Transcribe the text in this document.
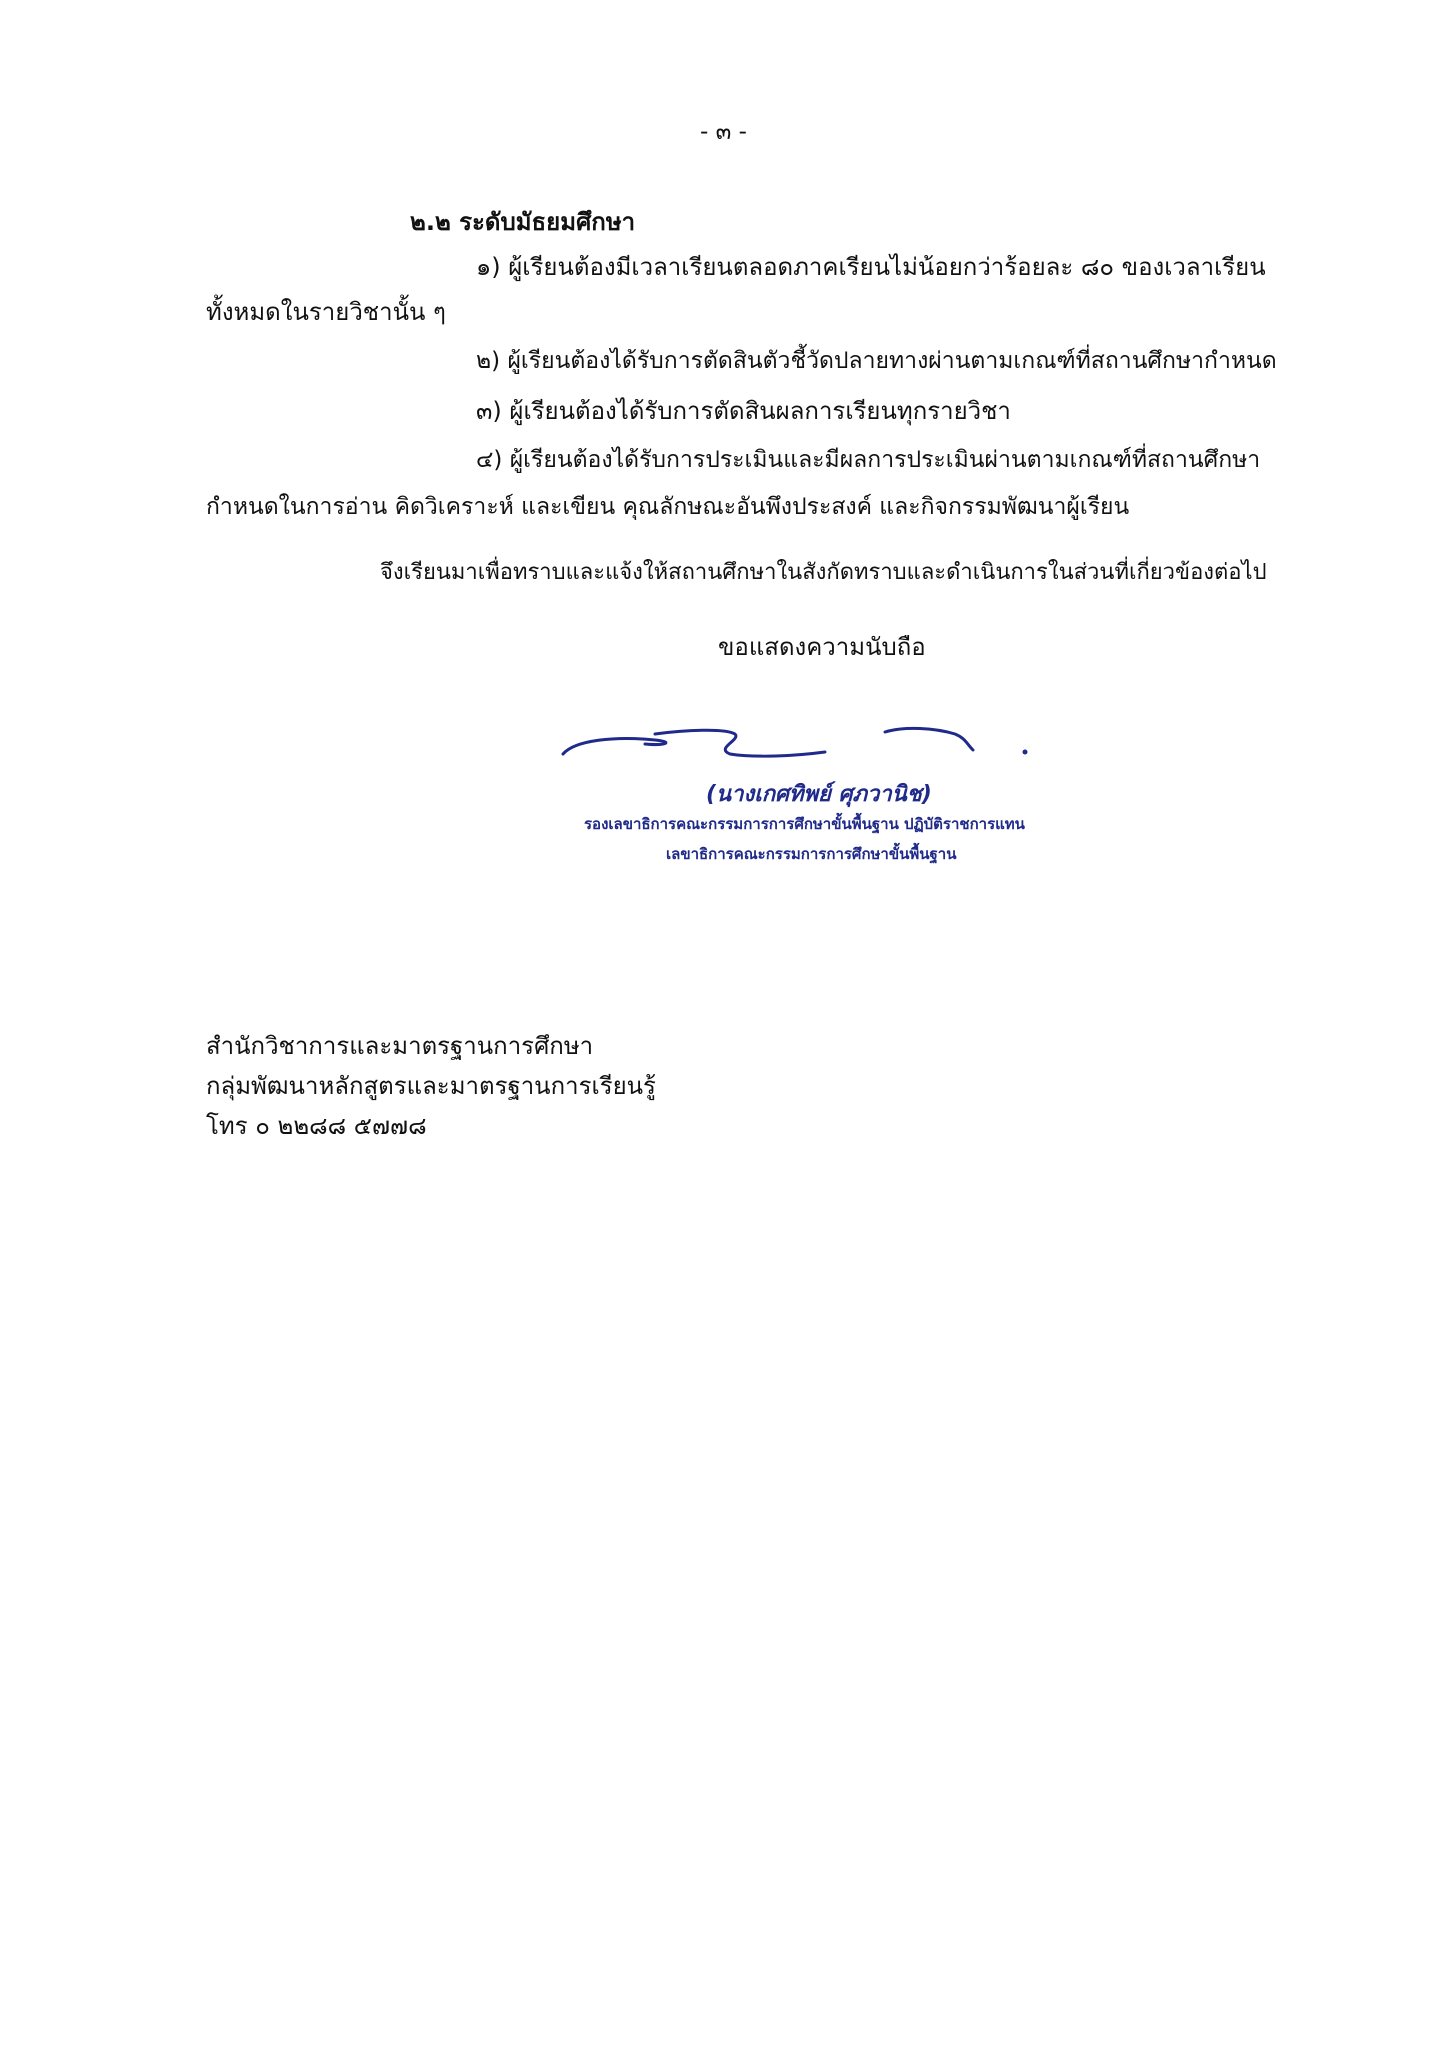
- ๓ -
๒.๒ ระดับมัธยมศึกษา
๑) ผู้เรียนต้องมีเวลาเรียนตลอดภาคเรียนไม่น้อยกว่าร้อยละ ๘๐ ของเวลาเรียน
ทั้งหมดในรายวิชานั้น ๆ
๒) ผู้เรียนต้องได้รับการตัดสินตัวชี้วัดปลายทางผ่านตามเกณฑ์ที่สถานศึกษากำหนด
๓) ผู้เรียนต้องได้รับการตัดสินผลการเรียนทุกรายวิชา
๔) ผู้เรียนต้องได้รับการประเมินและมีผลการประเมินผ่านตามเกณฑ์ที่สถานศึกษา
กำหนดในการอ่าน คิดวิเคราะห์ และเขียน คุณลักษณะอันพึงประสงค์ และกิจกรรมพัฒนาผู้เรียน
จึงเรียนมาเพื่อทราบและแจ้งให้สถานศึกษาในสังกัดทราบและดำเนินการในส่วนที่เกี่ยวข้องต่อไป
ขอแสดงความนับถือ
(นางเกศทิพย์ ศุภวานิช)
รองเลขาธิการคณะกรรมการการศึกษาขั้นพื้นฐาน ปฏิบัติราชการแทน
เลขาธิการคณะกรรมการการศึกษาขั้นพื้นฐาน
สำนักวิชาการและมาตรฐานการศึกษา
กลุ่มพัฒนาหลักสูตรและมาตรฐานการเรียนรู้
โทร ๐ ๒๒๘๘ ๕๗๗๘
